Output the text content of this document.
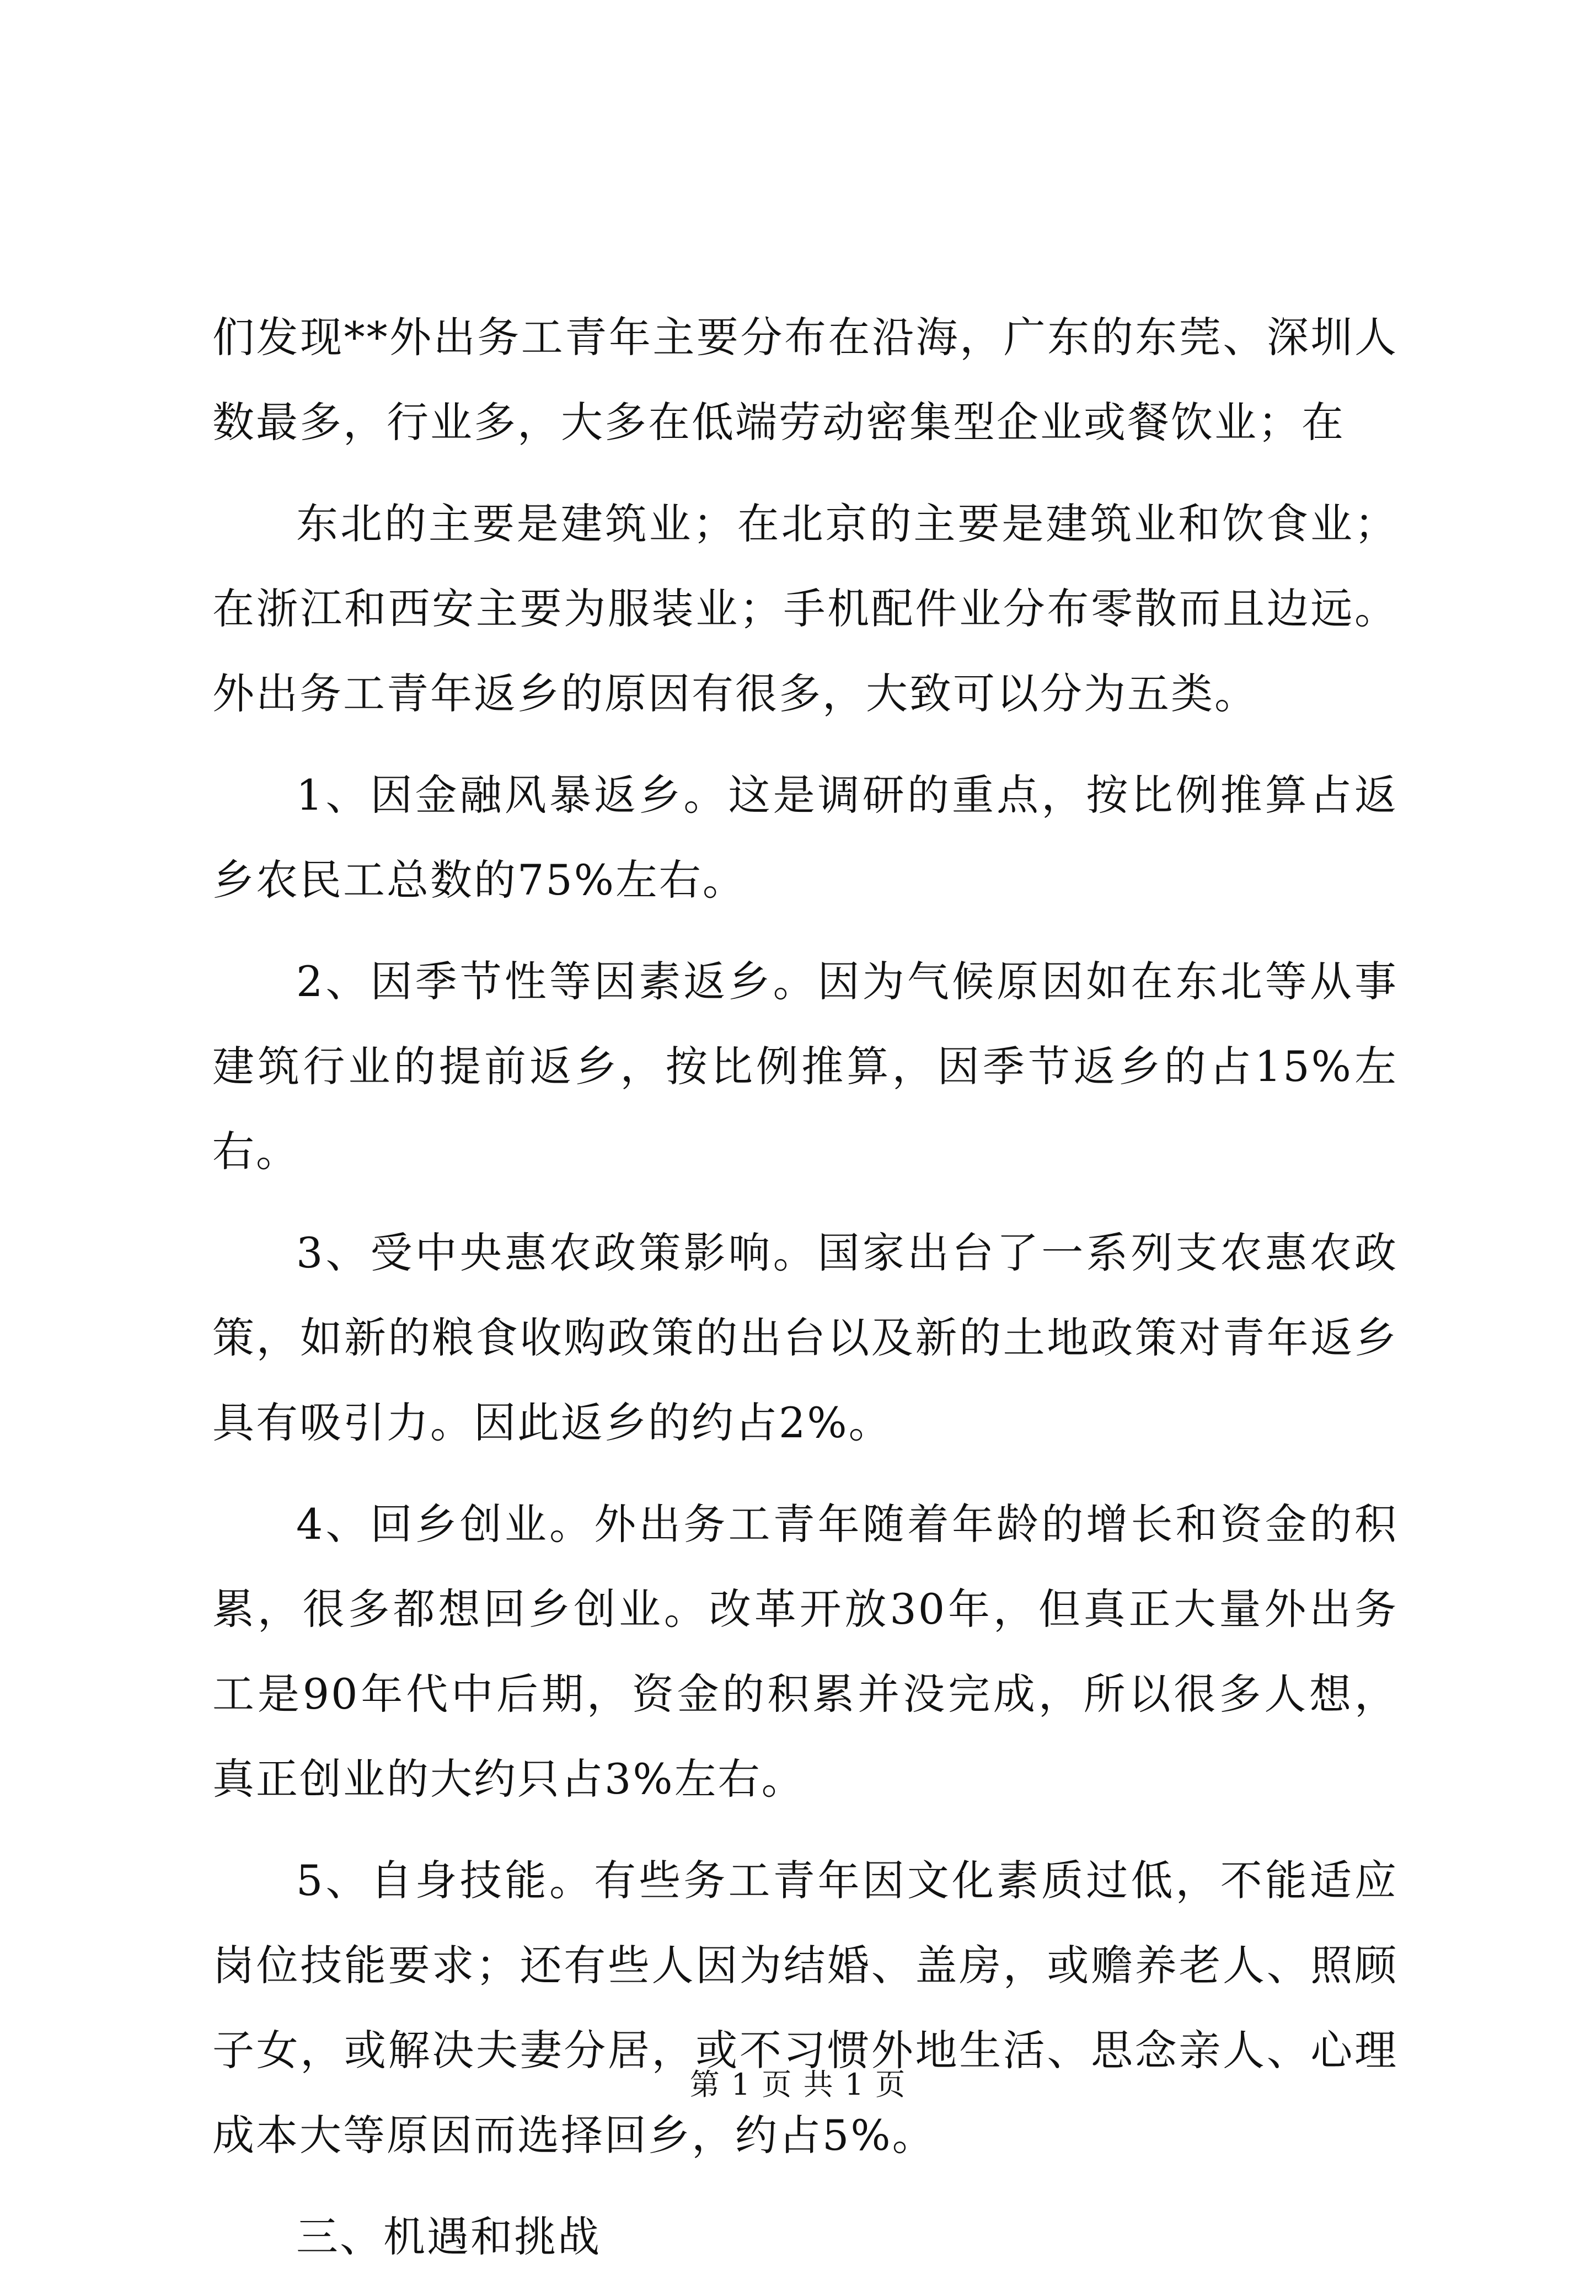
们发现**外出务工青年主要分布在沿海，广东的东莞、深圳人数最多，行业多，大多在低端劳动密集型企业或餐饮业；在

东北的主要是建筑业；在北京的主要是建筑业和饮食业；在浙江和西安主要为服装业；手机配件业分布零散而且边远。外出务工青年返乡的原因有很多，大致可以分为五类。

1、因金融风暴返乡。这是调研的重点，按比例推算占返乡农民工总数的75%左右。

2、因季节性等因素返乡。因为气候原因如在东北等从事建筑行业的提前返乡，按比例推算，因季节返乡的占15%左右。

3、受中央惠农政策影响。国家出台了一系列支农惠农政策，如新的粮食收购政策的出台以及新的土地政策对青年返乡具有吸引力。因此返乡的约占2%。

4、回乡创业。外出务工青年随着年龄的增长和资金的积累，很多都想回乡创业。改革开放30年，但真正大量外出务工是90年代中后期，资金的积累并没完成，所以很多人想，真正创业的大约只占3%左右。

5、自身技能。有些务工青年因文化素质过低，不能适应岗位技能要求；还有些人因为结婚、盖房，或赡养老人、照顾子女，或解决夫妻分居，或不习惯外地生活、思念亲人、心理成本大等原因而选择回乡，约占5%。

三、机遇和挑战

第 1 页 共 1 页
